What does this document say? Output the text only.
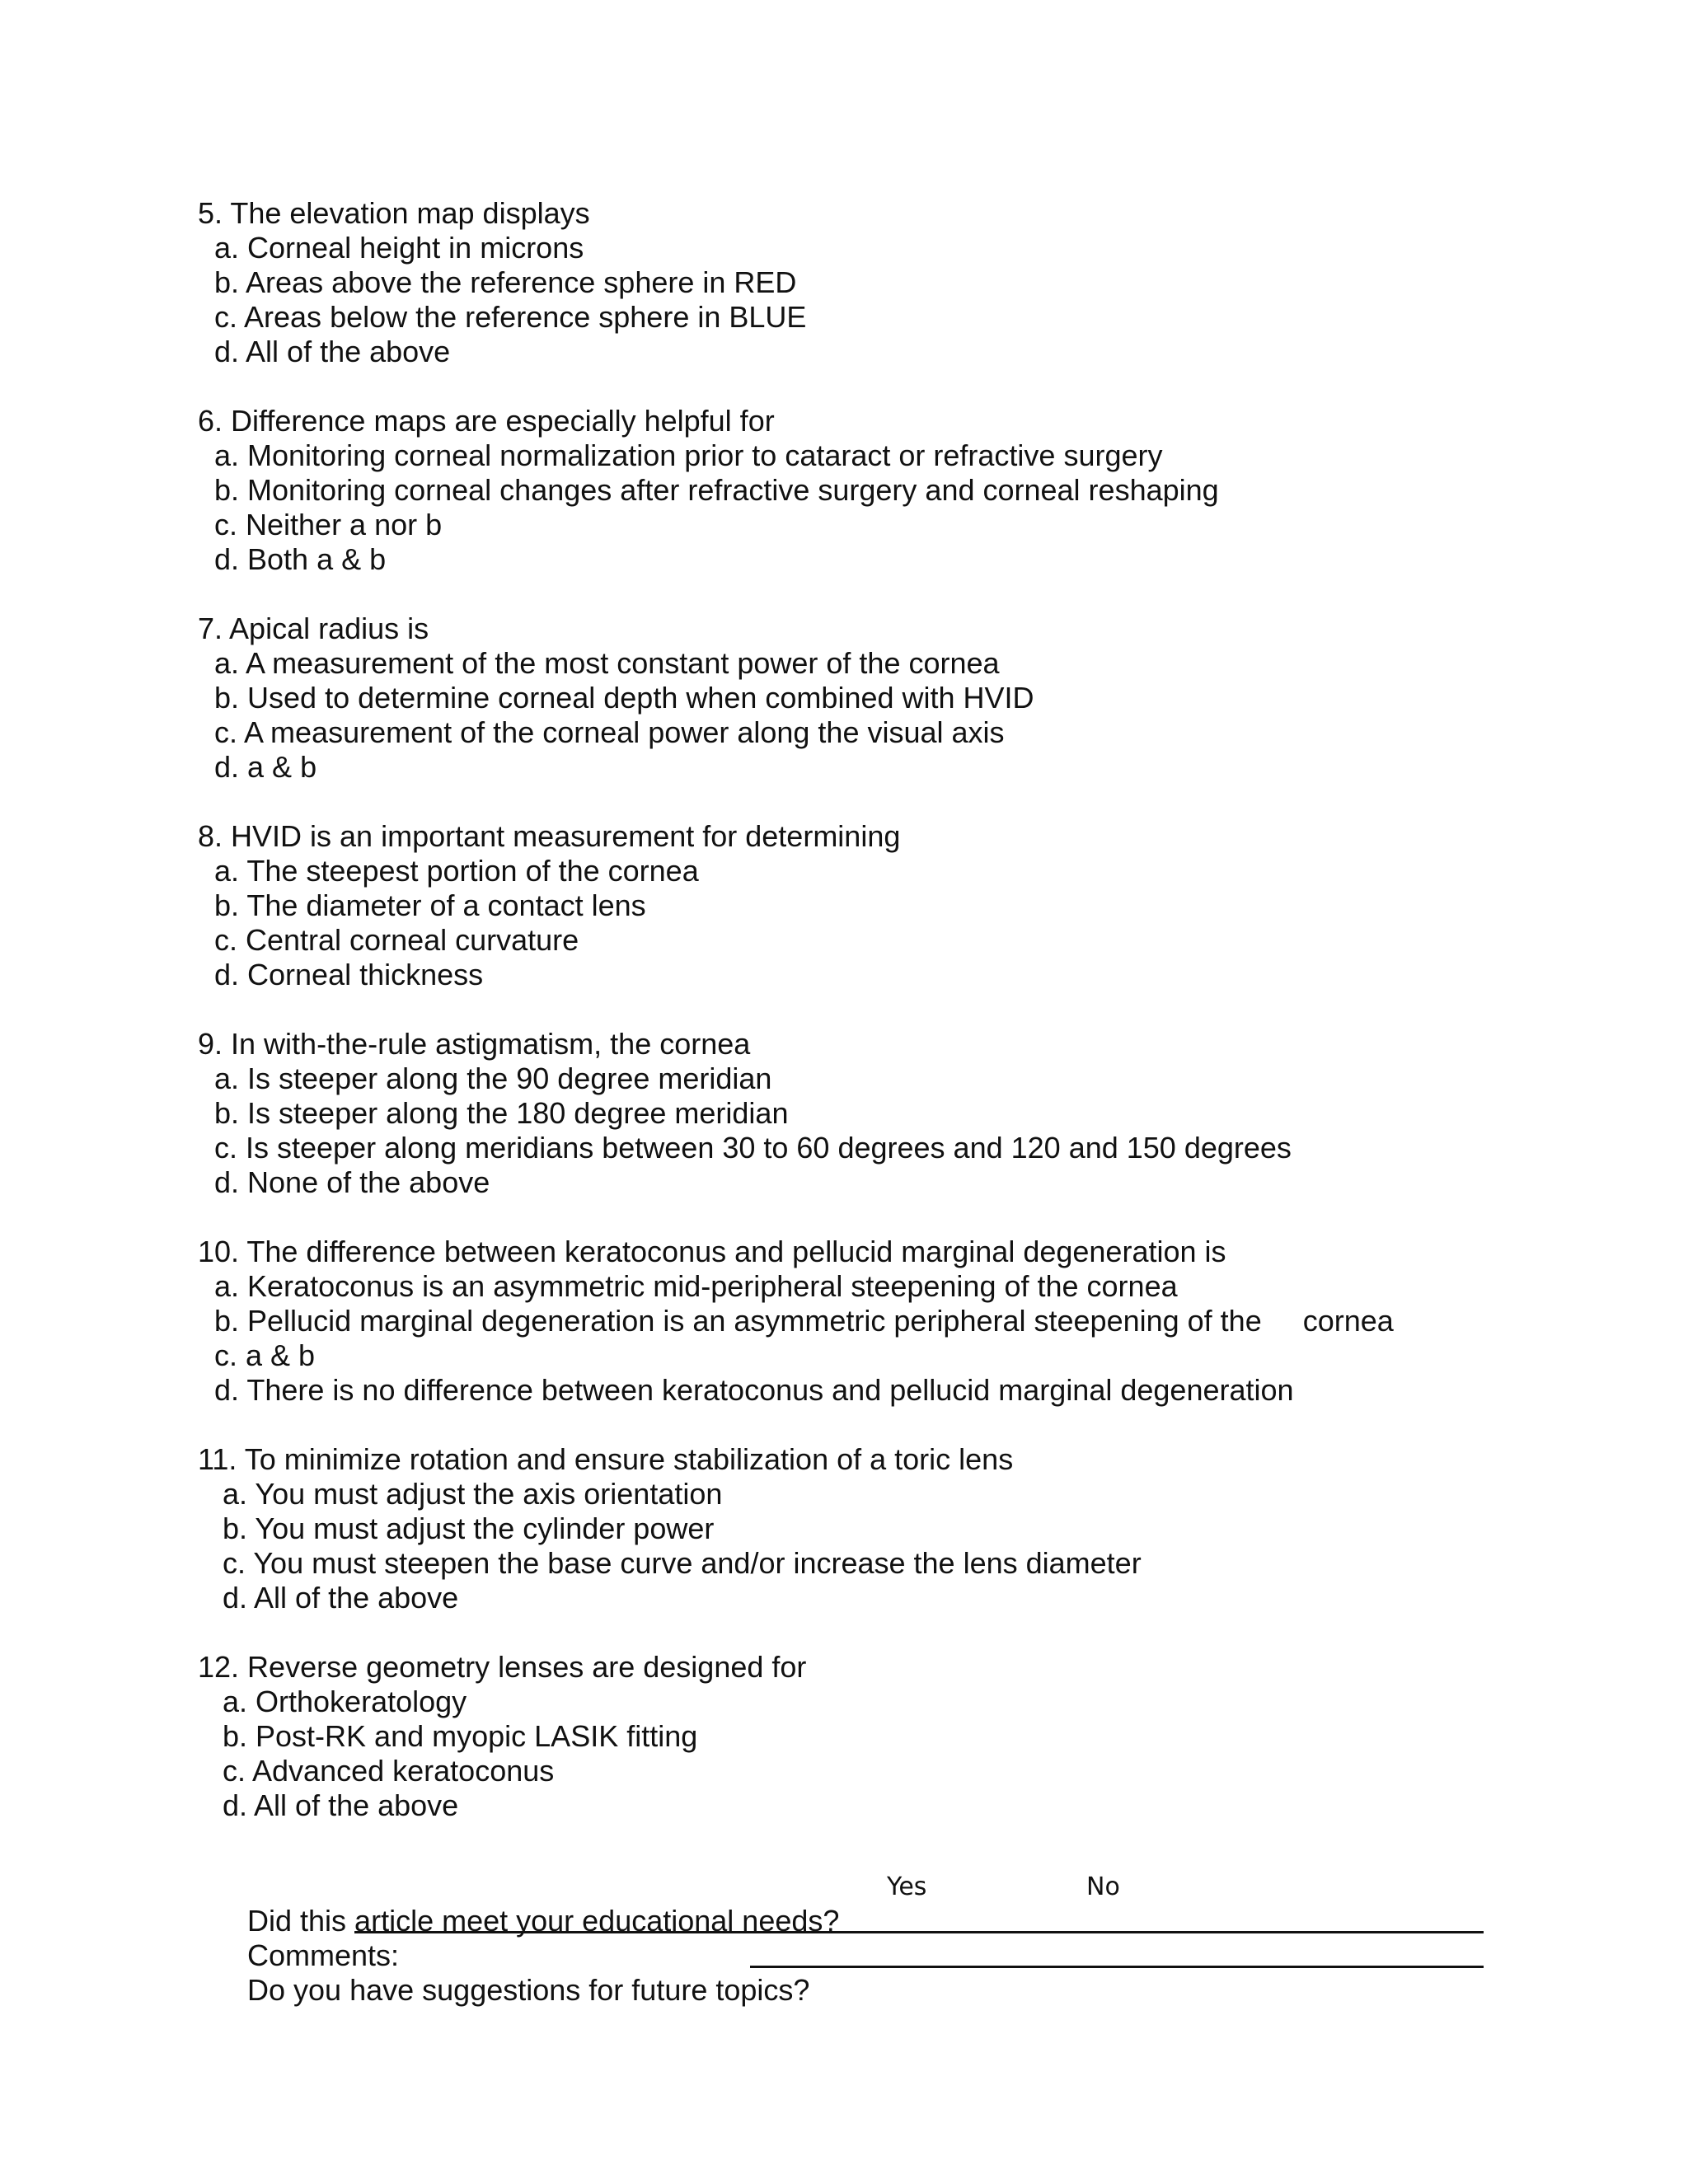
5. The elevation map displays
a. Corneal height in microns
b. Areas above the reference sphere in RED
c. Areas below the reference sphere in BLUE
d. All of the above
6. Difference maps are especially helpful for
a. Monitoring corneal normalization prior to cataract or refractive surgery
b. Monitoring corneal changes after refractive surgery and corneal reshaping
c. Neither a nor b
d. Both a & b
7. Apical radius is
a. A measurement of the most constant power of the cornea
b. Used to determine corneal depth when combined with HVID
c. A measurement of the corneal power along the visual axis
d. a & b
8. HVID is an important measurement for determining
a. The steepest portion of the cornea
b. The diameter of a contact lens
c. Central corneal curvature
d. Corneal thickness
9. In with-the-rule astigmatism, the cornea
a. Is steeper along the 90 degree meridian
b. Is steeper along the 180 degree meridian
c. Is steeper along meridians between 30 to 60 degrees and 120 and 150 degrees
d. None of the above
10. The difference between keratoconus and pellucid marginal degeneration is
a. Keratoconus is an asymmetric mid-peripheral steepening of the cornea
b. Pellucid marginal degeneration is an asymmetric peripheral steepening of the     cornea
c. a & b
d. There is no difference between keratoconus and pellucid marginal degeneration
11. To minimize rotation and ensure stabilization of a toric lens
a. You must adjust the axis orientation
b. You must adjust the cylinder power
c. You must steepen the base curve and/or increase the lens diameter
d. All of the above
12. Reverse geometry lenses are designed for
a. Orthokeratology
b. Post-RK and myopic LASIK fitting
c. Advanced keratoconus
d. All of the above

Did this article meet your educational needs?

Yes

	No

Comments:

Do you have suggestions for future topics?
